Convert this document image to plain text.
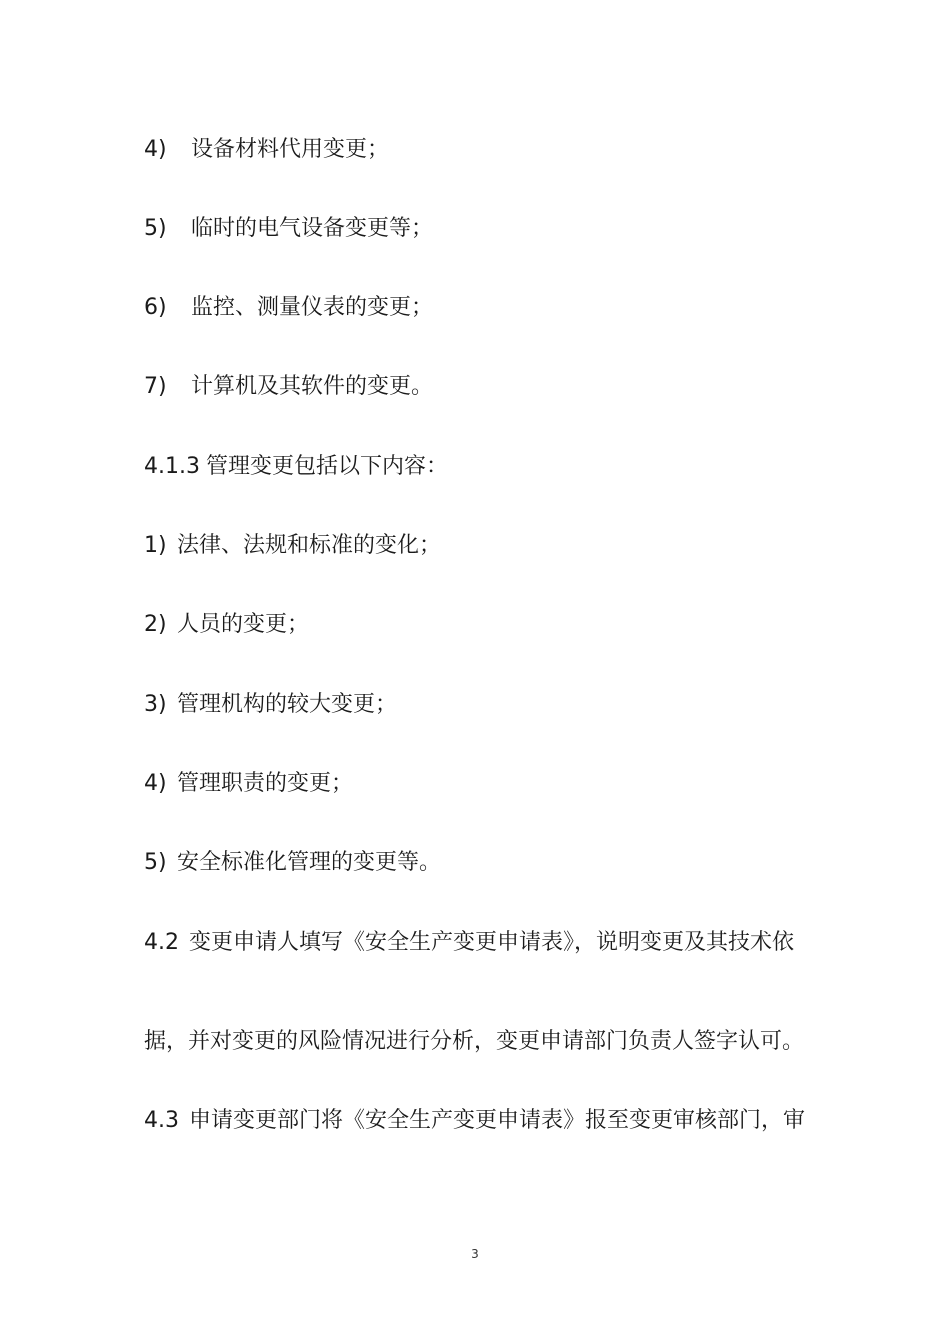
4) 设备材料代用变更；
5) 临时的电气设备变更等；
6) 监控、测量仪表的变更；
7) 计算机及其软件的变更。
4.1.3 管理变更包括以下内容：
1) 法律、法规和标准的变化；
2) 人员的变更；
3) 管理机构的较大变更；
4) 管理职责的变更；
5) 安全标准化管理的变更等。
4.2 变更申请人填写《安全生产变更申请表》，说明变更及其技术依
据，并对变更的风险情况进行分析，变更申请部门负责人签字认可。
4.3 申请变更部门将《安全生产变更申请表》报至变更审核部门，审
3
